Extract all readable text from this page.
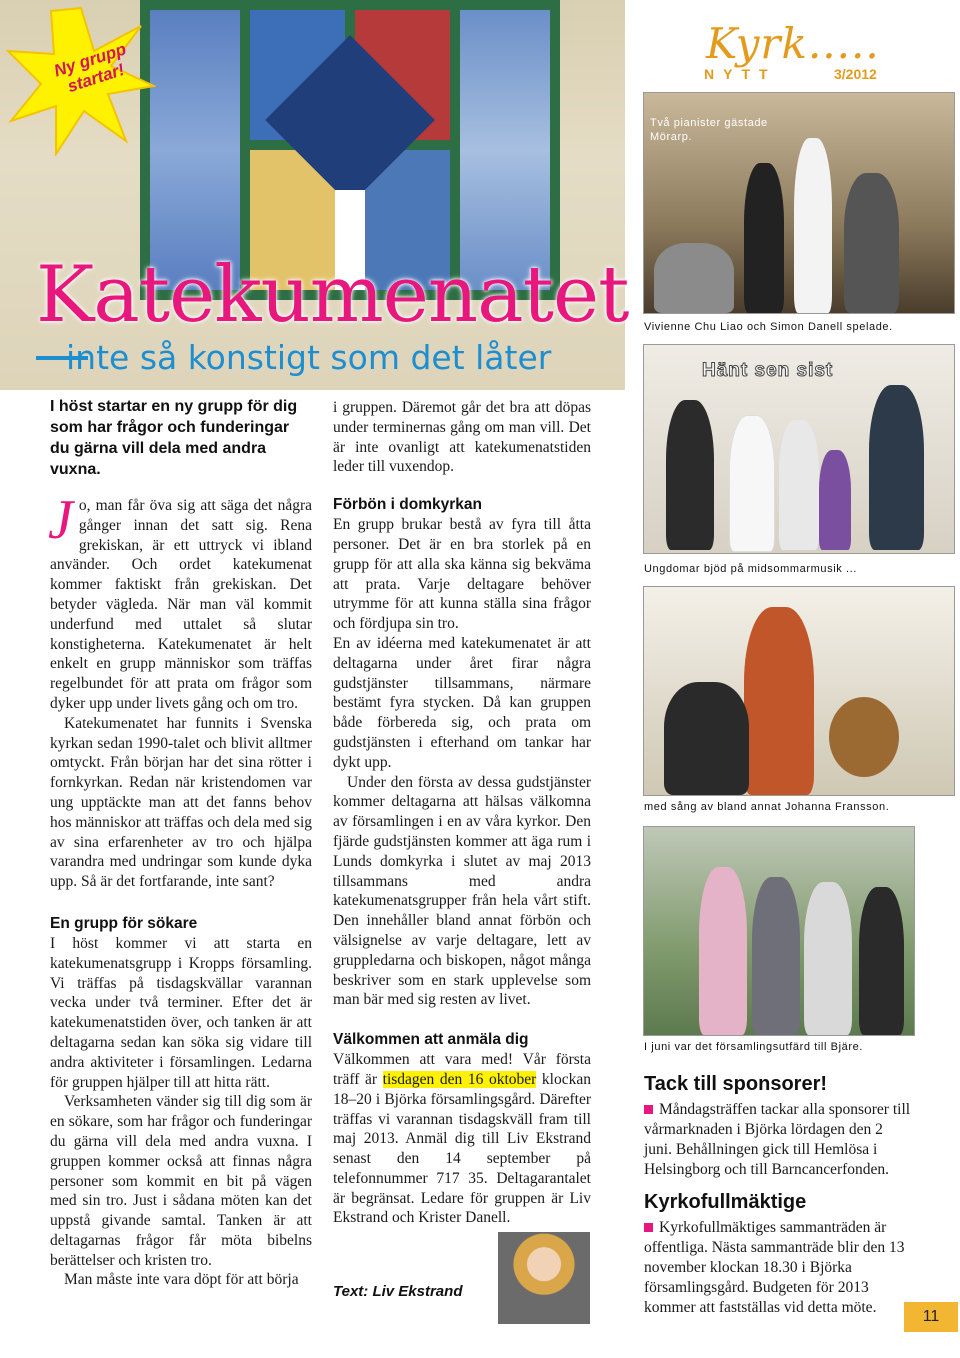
Ny grupp startar!
Katekumenatet
inte så konstigt som det låter
I höst startar en ny grupp för dig som har frågor och funderingar du gärna vill dela med andra vuxna.

Jo, man får öva sig att säga det några gånger innan det satt sig. Rena grekiskan, är ett uttryck vi ibland använder. Och ordet katekumenat kommer faktiskt från grekiskan. Det betyder vägleda. När man väl kommit underfund med uttalet så slutar konstigheterna. Katekumenatet är helt enkelt en grupp människor som träffas regelbundet för att prata om frågor som dyker upp under livets gång och om tro.

Katekumenatet har funnits i Svenska kyrkan sedan 1990-talet och blivit alltmer omtyckt. Från början har det sina rötter i fornkyrkan. Redan när kristendomen var ung upptäckte man att det fanns behov hos människor att träffas och dela med sig av sina erfarenheter av tro och hjälpa varandra med undringar som kunde dyka upp. Så är det fortfarande, inte sant?

En grupp för sökare

I höst kommer vi att starta en katekumenatsgrupp i Kropps församling. Vi träffas på tisdagskvällar varannan vecka under två terminer. Efter det är katekumenatstiden över, och tanken är att deltagarna sedan kan söka sig vidare till andra aktiviteter i församlingen. Ledarna för gruppen hjälper till att hitta rätt.

Verksamheten vänder sig till dig som är en sökare, som har frågor och funderingar du gärna vill dela med andra vuxna. I gruppen kommer också att finnas några personer som kommit en bit på vägen med sin tro. Just i sådana möten kan det uppstå givande samtal. Tanken är att deltagarnas frågor får möta bibelns berättelser och kristen tro.

Man måste inte vara döpt för att börja

i gruppen. Däremot går det bra att döpas under terminernas gång om man vill. Det är inte ovanligt att katekumenatstiden leder till vuxendop.

Förbön i domkyrkan

En grupp brukar bestå av fyra till åtta personer. Det är en bra storlek på en grupp för att alla ska känna sig bekväma att prata. Varje deltagare behöver utrymme för att kunna ställa sina frågor och fördjupa sin tro.

En av idéerna med katekumenatet är att deltagarna under året firar några gudstjänster tillsammans, närmare bestämt fyra stycken. Då kan gruppen både förbereda sig, och prata om gudstjänsten i efterhand om tankar har dykt upp.

Under den första av dessa gudstjänster kommer deltagarna att hälsas välkomna av församlingen i en av våra kyrkor. Den fjärde gudstjänsten kommer att äga rum i Lunds domkyrka i slutet av maj 2013 tillsammans med andra katekumenatsgrupper från hela vårt stift. Den innehåller bland annat förbön och välsignelse av varje deltagare, lett av gruppledarna och biskopen, något många beskriver som en stark upplevelse som man bär med sig resten av livet.

Välkommen att anmäla dig

Välkommen att vara med! Vår första träff är tisdagen den 16 oktober klockan 18–20 i Björka församlingsgård. Därefter träffas vi varannan tisdagskväll fram till maj 2013. Anmäl dig till Liv Ekstrand senast den 14 september på telefonnummer 717 35. Deltagarantalet är begränsat. Ledare för gruppen är Liv Ekstrand och Krister Danell.

Text: Liv Ekstrand
Kyrk.....
NYTT	3/2012
Två pianister gästade Mörarp.
Vivienne Chu Liao och Simon Danell spelade.
Hänt sen sist
Ungdomar bjöd på midsommarmusik ...
med sång av bland annat Johanna Fransson.
I juni var det församlingsutfärd till Bjäre.

Tack till sponsorer!

Måndagsträffen tackar alla sponsorer till vårmarknaden i Björka lördagen den 2 juni. Behållningen gick till Hemlösa i Helsingborg och till Barncancerfonden.

Kyrkofullmäktige

Kyrkofullmäktiges sammanträden är offentliga. Nästa sammanträde blir den 13 november klockan 18.30 i Björka församlingsgård. Budgeten för 2013 kommer att fastställas vid detta möte.
11
